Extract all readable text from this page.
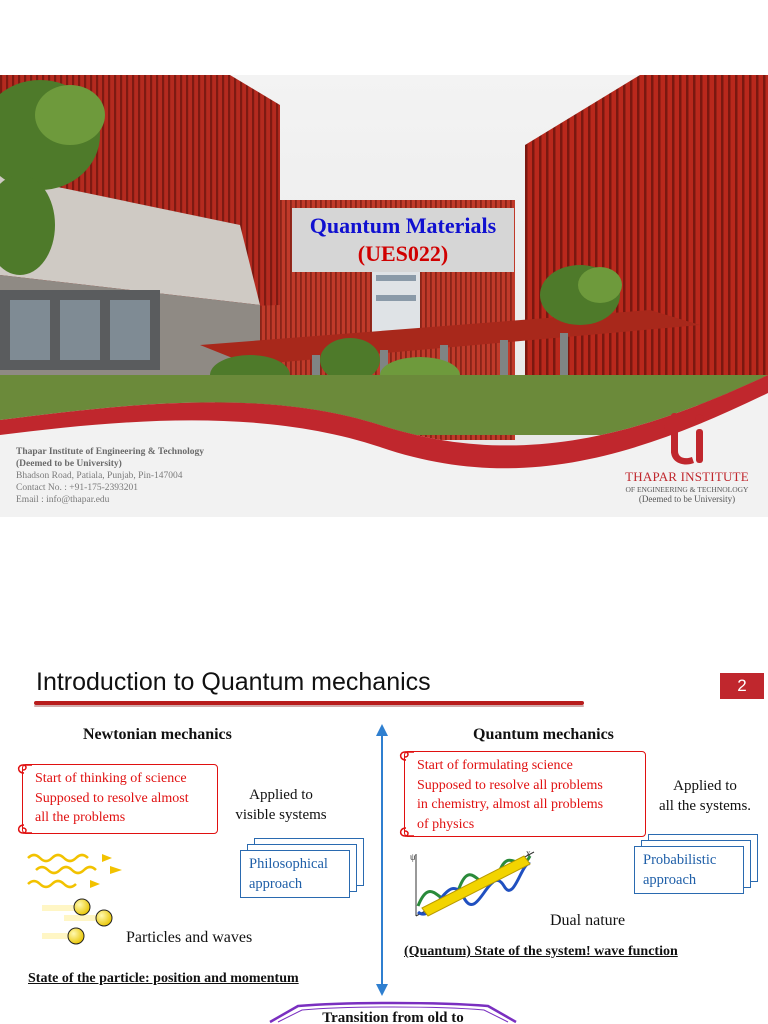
Quantum Materials
(UES022)
Thapar Institute of Engineering & Technology
(Deemed to be University)
Bhadson Road, Patiala, Punjab, Pin-147004
Contact No. : +91-175-2393201
Email : info@thapar.edu
THAPAR INSTITUTE
OF ENGINEERING & TECHNOLOGY
(Deemed to be University)
Introduction to Quantum mechanics	2
Newtonian mechanics
Start of thinking of science
Supposed to resolve almost
all the problems
Applied to
visible systems
Philosophical
approach
Particles and waves
State of the particle: position and momentum
Quantum mechanics
Start of formulating science
Supposed to resolve all problems
in chemistry, almost all problems
of physics
Applied to
all the systems.
Probabilistic
approach
ψ	x
Dual nature
(Quantum) State of the system! wave function
Transition from old to
